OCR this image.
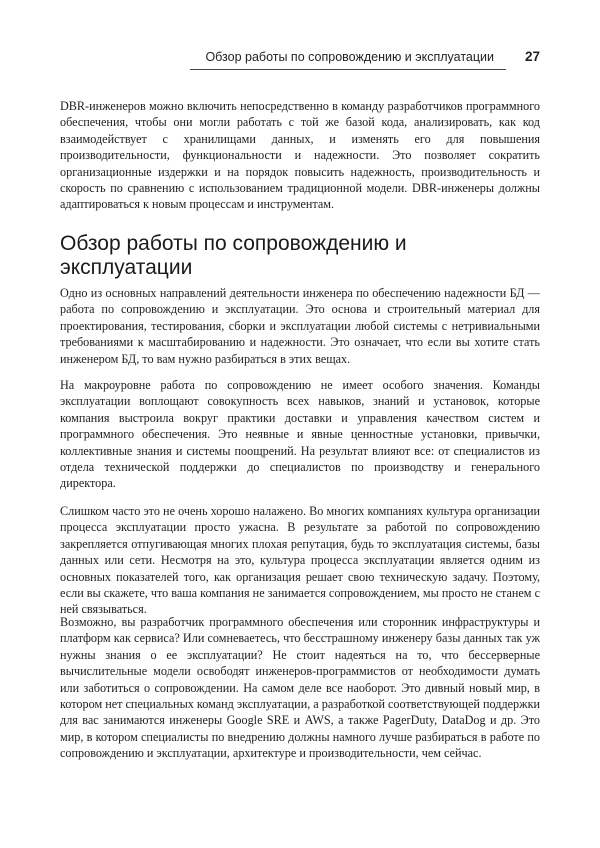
Обзор работы по сопровождению и эксплуатации 27

DBR-инженеров можно включить непосредственно в команду разработчиков программного обеспечения, чтобы они могли работать с той же базой кода, анализировать, как код взаимодействует с хранилищами данных, и изменять его для повышения производительности, функциональности и надежности. Это позволяет сократить организационные издержки и на порядок повысить надежность, производительность и скорость по сравнению с использованием традиционной модели. DBR-инженеры должны адаптироваться к новым процессам и инструментам.

Обзор работы по сопровождению и эксплуатации

Одно из основных направлений деятельности инженера по обеспечению надежности БД — работа по сопровождению и эксплуатации. Это основа и строительный материал для проектирования, тестирования, сборки и эксплуатации любой системы с нетривиальными требованиями к масштабированию и надежности. Это означает, что если вы хотите стать инженером БД, то вам нужно разбираться в этих вещах.

На макроуровне работа по сопровождению не имеет особого значения. Команды эксплуатации воплощают совокупность всех навыков, знаний и установок, которые компания выстроила вокруг практики доставки и управления качеством систем и программного обеспечения. Это неявные и явные ценностные установки, привычки, коллективные знания и системы поощрений. На результат влияют все: от специалистов из отдела технической поддержки до специалистов по производству и генерального директора.

Слишком часто это не очень хорошо налажено. Во многих компаниях культура организации процесса эксплуатации просто ужасна. В результате за работой по сопровождению закрепляется отпугивающая многих плохая репутация, будь то эксплуатация системы, базы данных или сети. Несмотря на это, культура процесса эксплуатации является одним из основных показателей того, как организация решает свою техническую задачу. Поэтому, если вы скажете, что ваша компания не занимается сопровождением, мы просто не станем с ней связываться.

Возможно, вы разработчик программного обеспечения или сторонник инфраструктуры и платформ как сервиса? Или сомневаетесь, что бесстрашному инженеру базы данных так уж нужны знания о ее эксплуатации? Не стоит надеяться на то, что бессерверные вычислительные модели освободят инженеров-программистов от необходимости думать или заботиться о сопровождении. На самом деле все наоборот. Это дивный новый мир, в котором нет специальных команд эксплуатации, а разработкой соответствующей поддержки для вас занимаются инженеры Google SRE и AWS, а также PagerDuty, DataDog и др. Это мир, в котором специалисты по внедрению должны намного лучше разбираться в работе по сопровождению и эксплуатации, архитектуре и производительности, чем сейчас.
